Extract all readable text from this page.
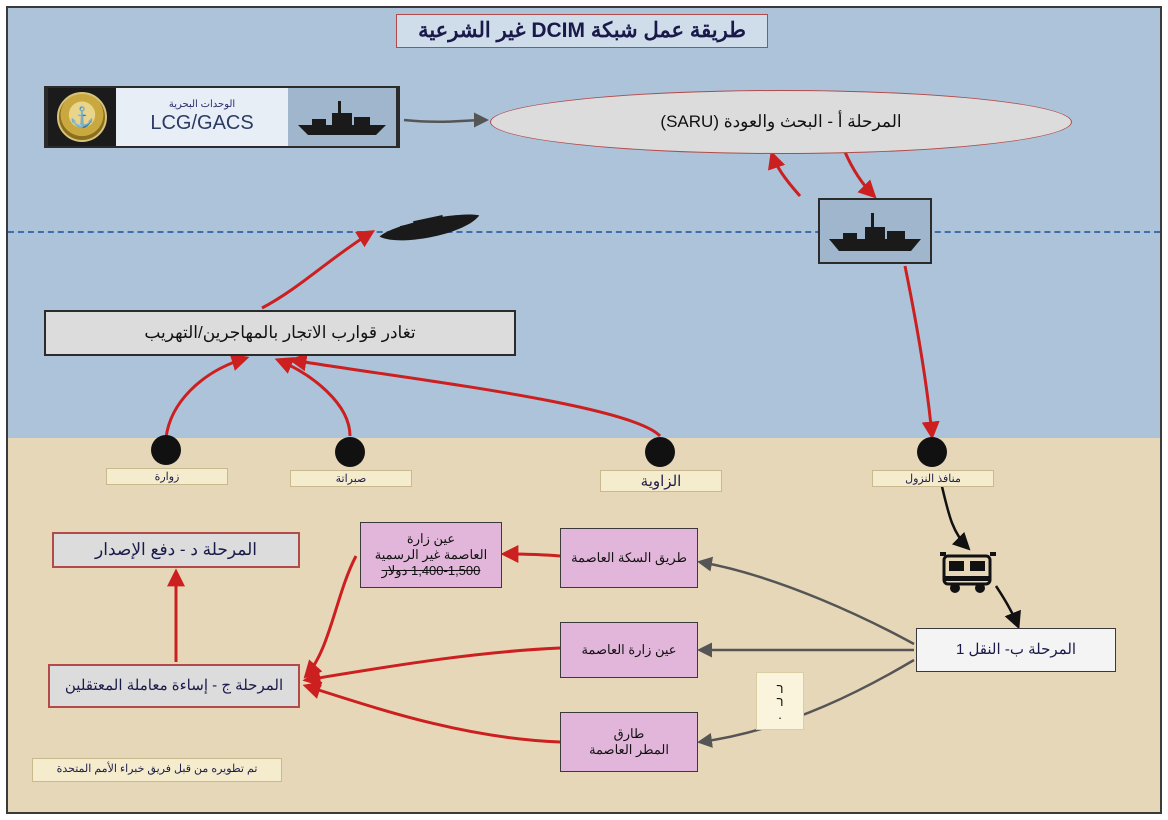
طريقة عمل شبكة DCIM غير الشرعية
الوحدات البحرية
LCG/GACS
⚓	المرحلة أ - البحث والعودة (SARU)
تغادر قوارب الاتجار بالمهاجرين/التهريب
زوارة	صبراتة	الزاوية	منافذ النزول
المرحلة د - دفع الإصدار
عين زارة
العاصمة غير الرسمية
1,400-1,500 دولار
طريق السكة العاصمة
عين زارة العاصمة
طارق
المطر العاصمة
المرحلة ج - إساءة معاملة المعتقلين
المرحلة ب- النقل 1
ר
ר
.
تم تطويره من قبل فريق خبراء الأمم المتحدة
